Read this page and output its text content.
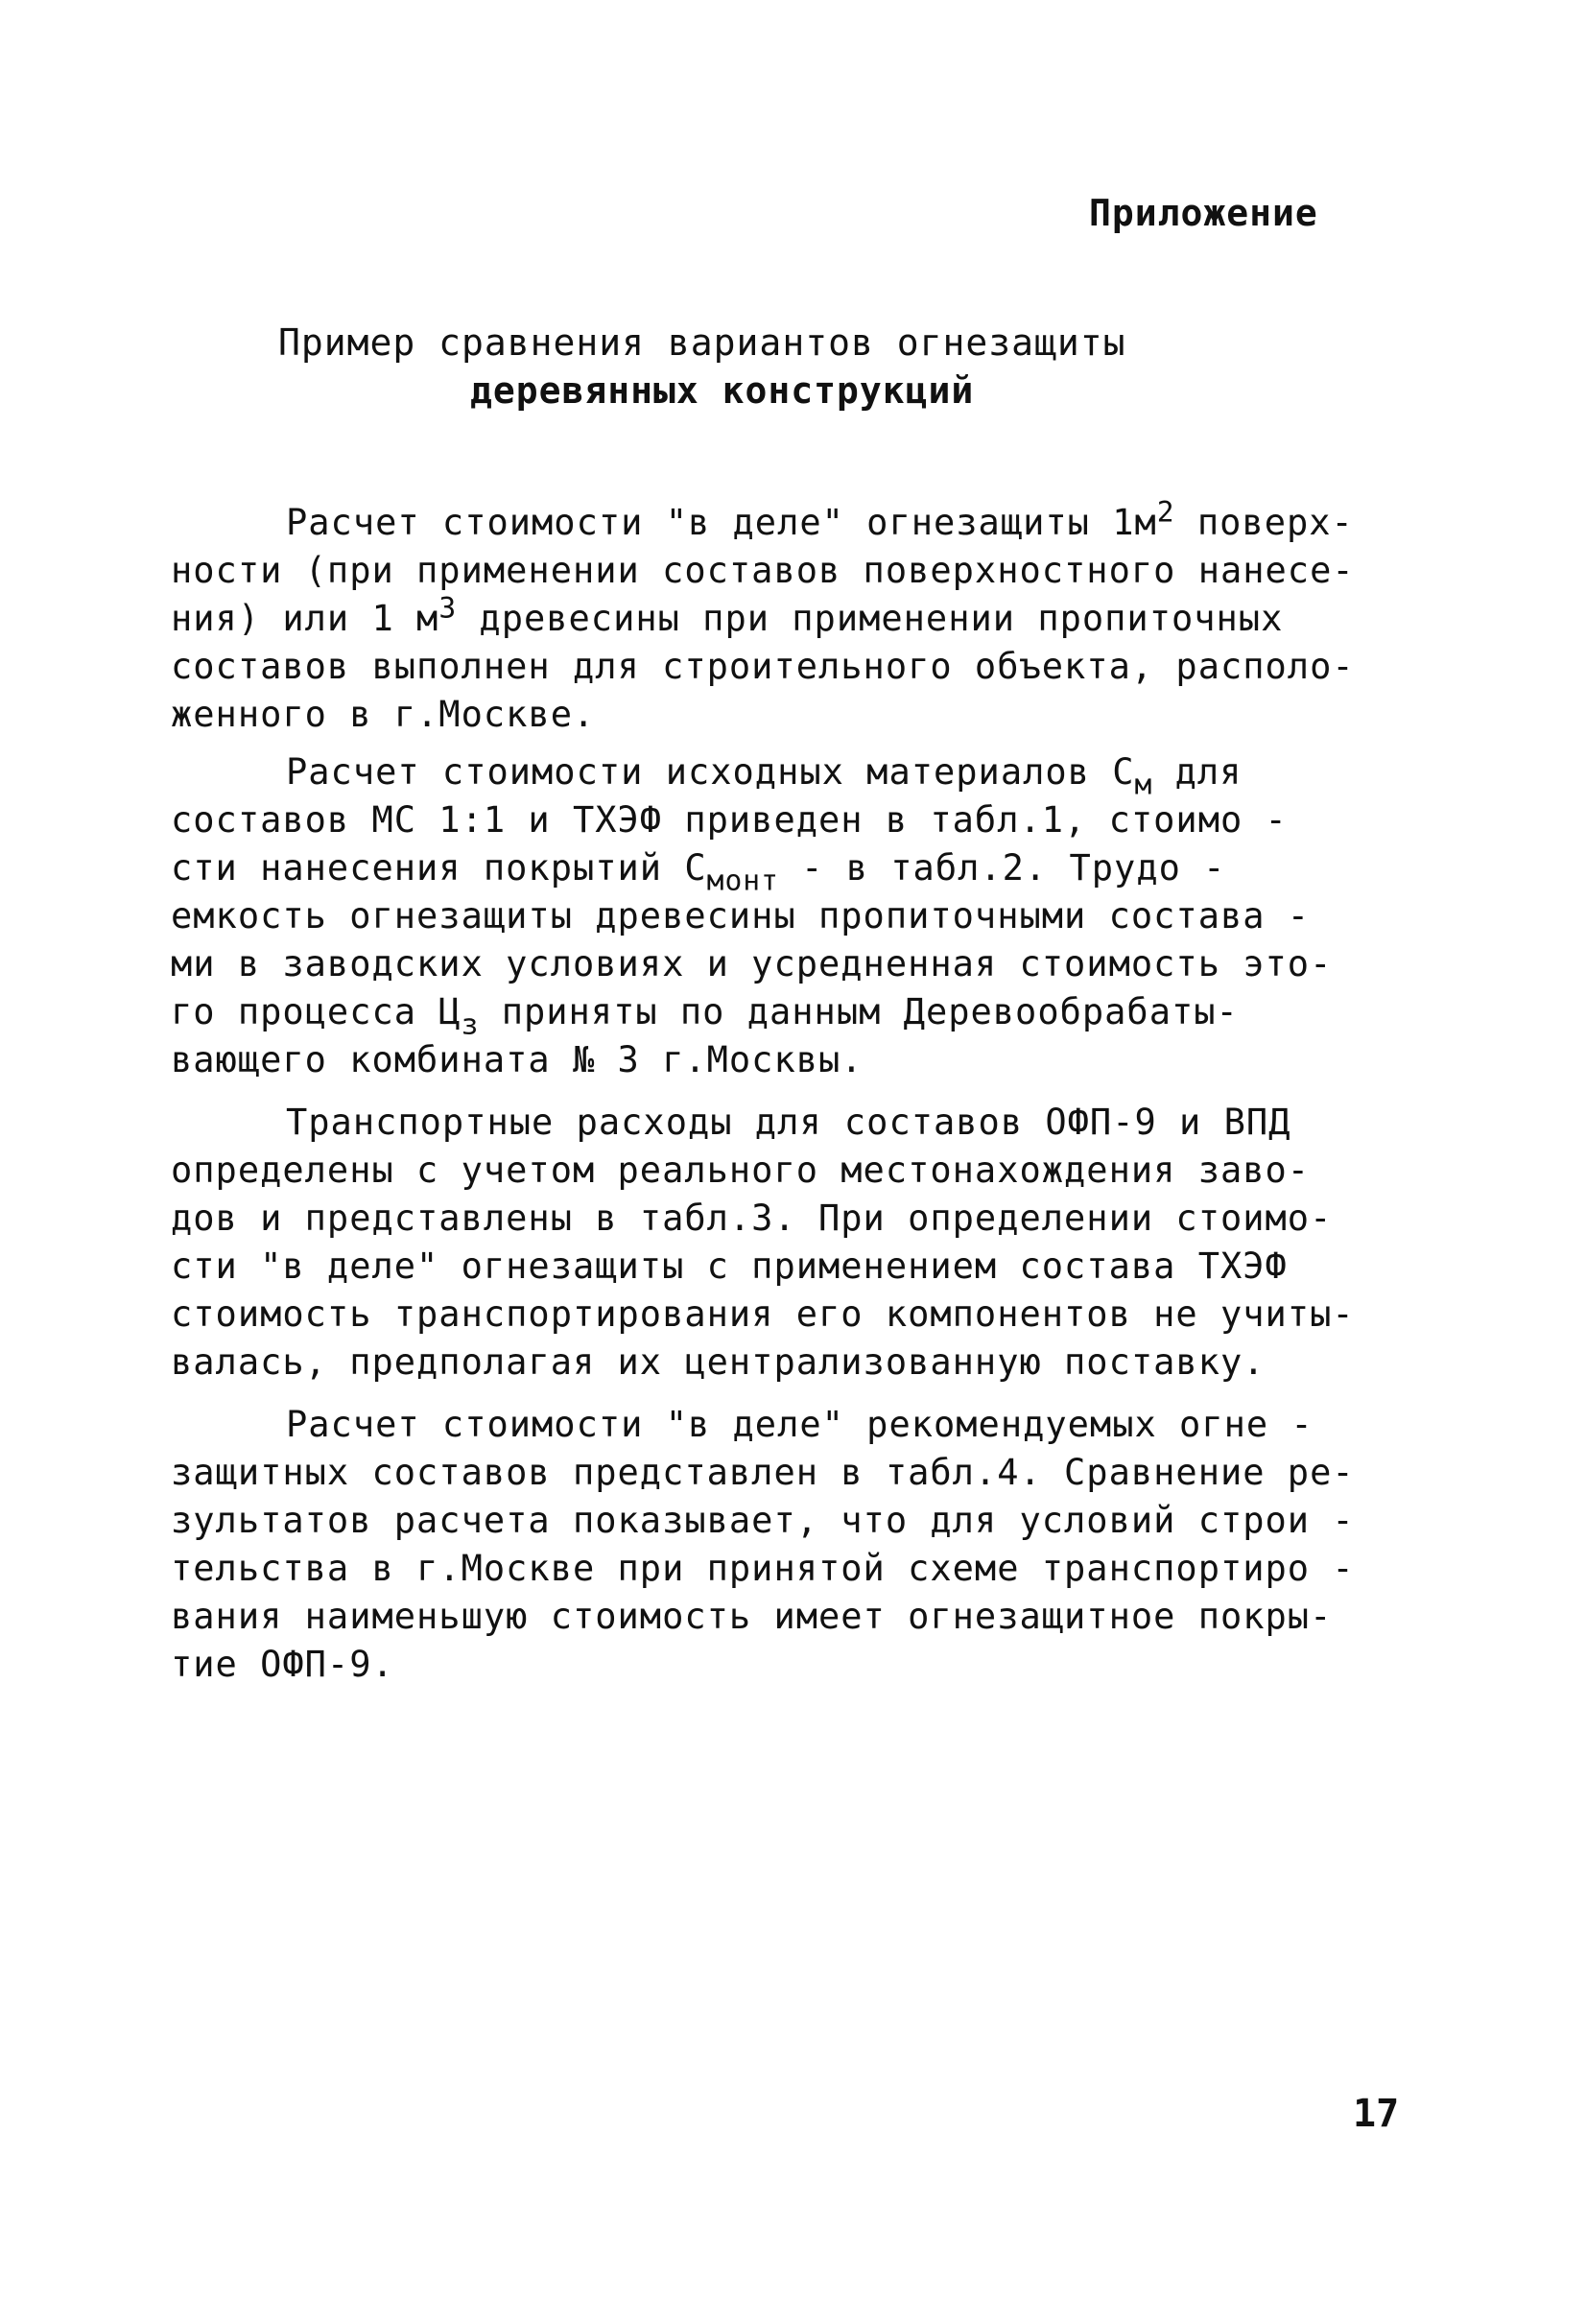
Приложение
Пример сравнения вариантов огнезащиты
деревянных конструкций
Расчет стоимости "в деле" огнезащиты $1м^2$ поверх-
ности (при применении составов поверхностного нанесе-
ния) или 1 $м^3$ древесины при применении пропиточных
составов выполнен для строительного объекта, располо-
женного в г.Москве.
Расчет стоимости исходных материалов $С_м$ для
составов МС 1:1 и ТХЭФ приведен в табл.1, стоимо -
сти нанесения покрытий $С_{монт}$ - в табл.2. Трудо -
емкость огнезащиты древесины пропиточными состава -
ми в заводских условиях и усредненная стоимость это-
го процесса $Ц_з$ приняты по данным Деревообрабаты-
вающего комбината № 3 г.Москвы.
Транспортные расходы для составов ОФП-9 и ВПД
определены с учетом реального местонахождения заво-
дов и представлены в табл.3. При определении стоимо-
сти "в деле" огнезащиты с применением состава ТХЭФ
стоимость транспортирования его компонентов не учиты-
валась, предполагая их централизованную поставку.
Расчет стоимости "в деле" рекомендуемых огне -
защитных составов представлен в табл.4. Сравнение ре-
зультатов расчета показывает, что для условий строи -
тельства в г.Москве при принятой схеме транспортиро -
вания наименьшую стоимость имеет огнезащитное покры-
тие ОФП-9.
17
